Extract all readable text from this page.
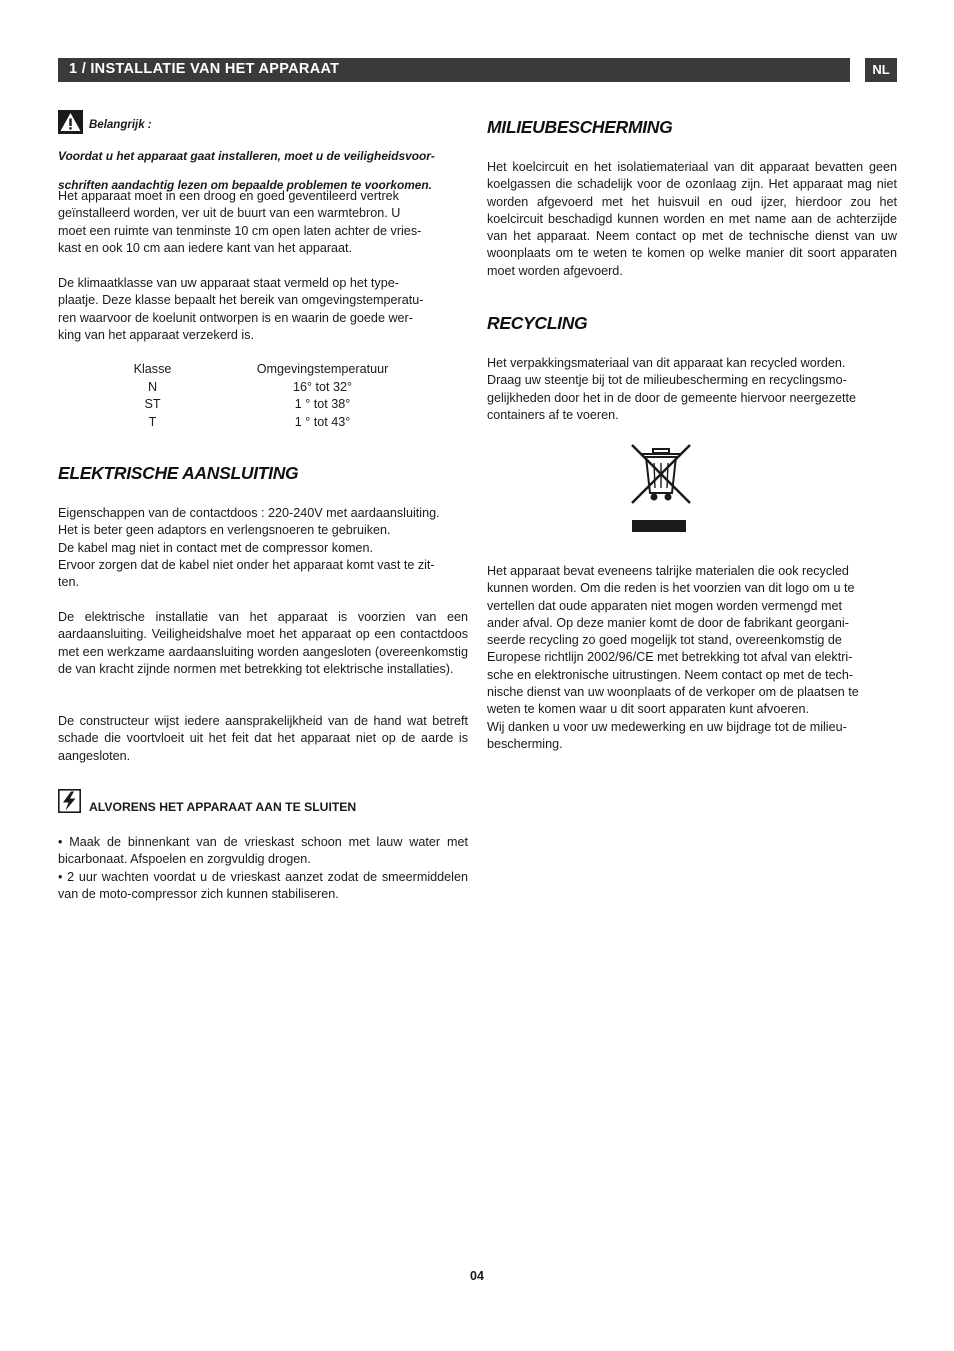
1 / INSTALLATIE VAN HET APPARAAT	NL
Belangrijk :

Voordat u het apparaat gaat installeren, moet u de veiligheidsvoor-

schriften aandachtig lezen om bepaalde problemen te voorkomen.

Het apparaat moet in een droog en goed geventileerd vertrek

geïnstalleerd worden, ver uit de buurt van een warmtebron. U

moet een ruimte van tenminste 10 cm open laten achter de vries-

kast en ook 10 cm aan iedere kant van het apparaat.

De klimaatklasse van uw apparaat staat vermeld op het type-

plaatje. Deze klasse bepaalt het bereik van omgevingstemperatu-

ren waarvoor de koelunit ontworpen is en waarin de goede wer-

king van het apparaat verzekerd is.

Klasse	Omgevingstemperatuur
N	16° tot 32°
ST	1 ° tot 38°
T	1 ° tot 43°
ELEKTRISCHE AANSLUITING

Eigenschappen van de contactdoos : 220-240V met aardaansluiting.

Het is beter geen adaptors en verlengsnoeren te gebruiken.

De kabel mag niet in contact met de compressor komen.

Ervoor zorgen dat de kabel niet onder het apparaat komt vast te zit-

ten.

De elektrische installatie van het apparaat is voorzien van een aardaansluiting. Veiligheidshalve moet het apparaat op een contactdoos met een werkzame aardaansluiting worden aangesloten (overeenkomstig de van kracht zijnde normen met betrekking tot elektrische installaties).
De constructeur wijst iedere aansprakelijkheid van de hand wat betreft schade die voortvloeit uit het feit dat het apparaat niet op de aarde is aangesloten.
ALVORENS HET APPARAAT AAN TE SLUITEN
• Maak de binnenkant van de vrieskast schoon met lauw water met bicarbonaat. Afspoelen en zorgvuldig drogen.
• 2 uur wachten voordat u de vrieskast aanzet zodat de smeermiddelen van de moto-compressor zich kunnen stabiliseren.
MILIEUBESCHERMING
Het koelcircuit en het isolatiemateriaal van dit apparaat bevatten geen koelgassen die schadelijk voor de ozonlaag zijn. Het apparaat mag niet worden afgevoerd met het huisvuil en oud ijzer, hierdoor zou het koelcircuit beschadigd kunnen worden en met name aan de achterzijde van het apparaat. Neem contact op met de technische dienst van uw woonplaats om te weten te komen op welke manier dit soort apparaten moet worden afgevoerd.
RECYCLING

Het verpakkingsmateriaal van dit apparaat kan recycled worden.

Draag uw steentje bij tot de milieubescherming en recyclingsmo-

gelijkheden door het in de door de gemeente hiervoor neergezette

containers af te voeren.

Het apparaat bevat eveneens talrijke materialen die ook recycled

kunnen worden. Om die reden is het voorzien van dit logo om u te

vertellen dat oude apparaten niet mogen worden vermengd met

ander afval. Op deze manier komt de door de fabrikant georgani-

seerde recycling zo goed mogelijk tot stand, overeenkomstig de

Europese richtlijn 2002/96/CE met betrekking tot afval van elektri-

sche en elektronische uitrustingen. Neem contact op met de tech-

nische dienst van uw woonplaats of de verkoper om de plaatsen te

weten te komen waar u dit soort apparaten kunt afvoeren.

Wij danken u voor uw medewerking en uw bijdrage tot de milieu-

bescherming.

04
